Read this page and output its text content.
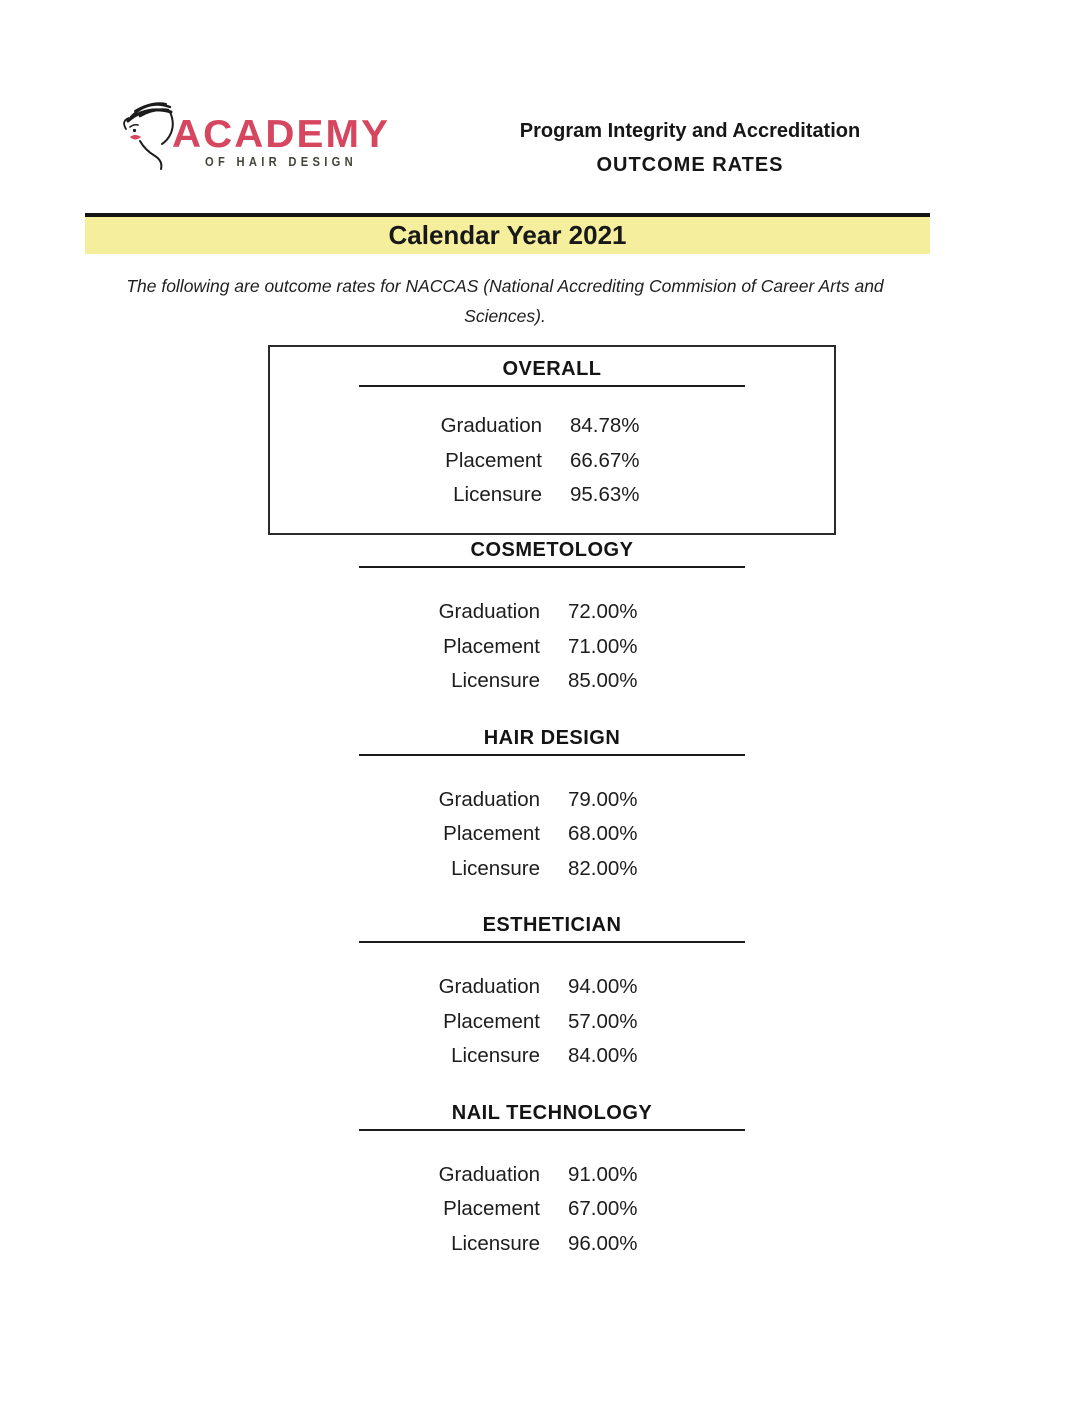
ACADEMY
OF HAIR DESIGN
Program Integrity and Accreditation
OUTCOME RATES
Calendar Year 2021
The following are outcome rates for NACCAS (National Accrediting Commision of Career Arts and
Sciences).
OVERALL
Graduation 84.78%
Placement 66.67%
Licensure 95.63%
COSMETOLOGY
Graduation 72.00%
Placement 71.00%
Licensure 85.00%
HAIR DESIGN
Graduation 79.00%
Placement 68.00%
Licensure 82.00%
ESTHETICIAN
Graduation 94.00%
Placement 57.00%
Licensure 84.00%
NAIL TECHNOLOGY
Graduation 91.00%
Placement 67.00%
Licensure 96.00%
